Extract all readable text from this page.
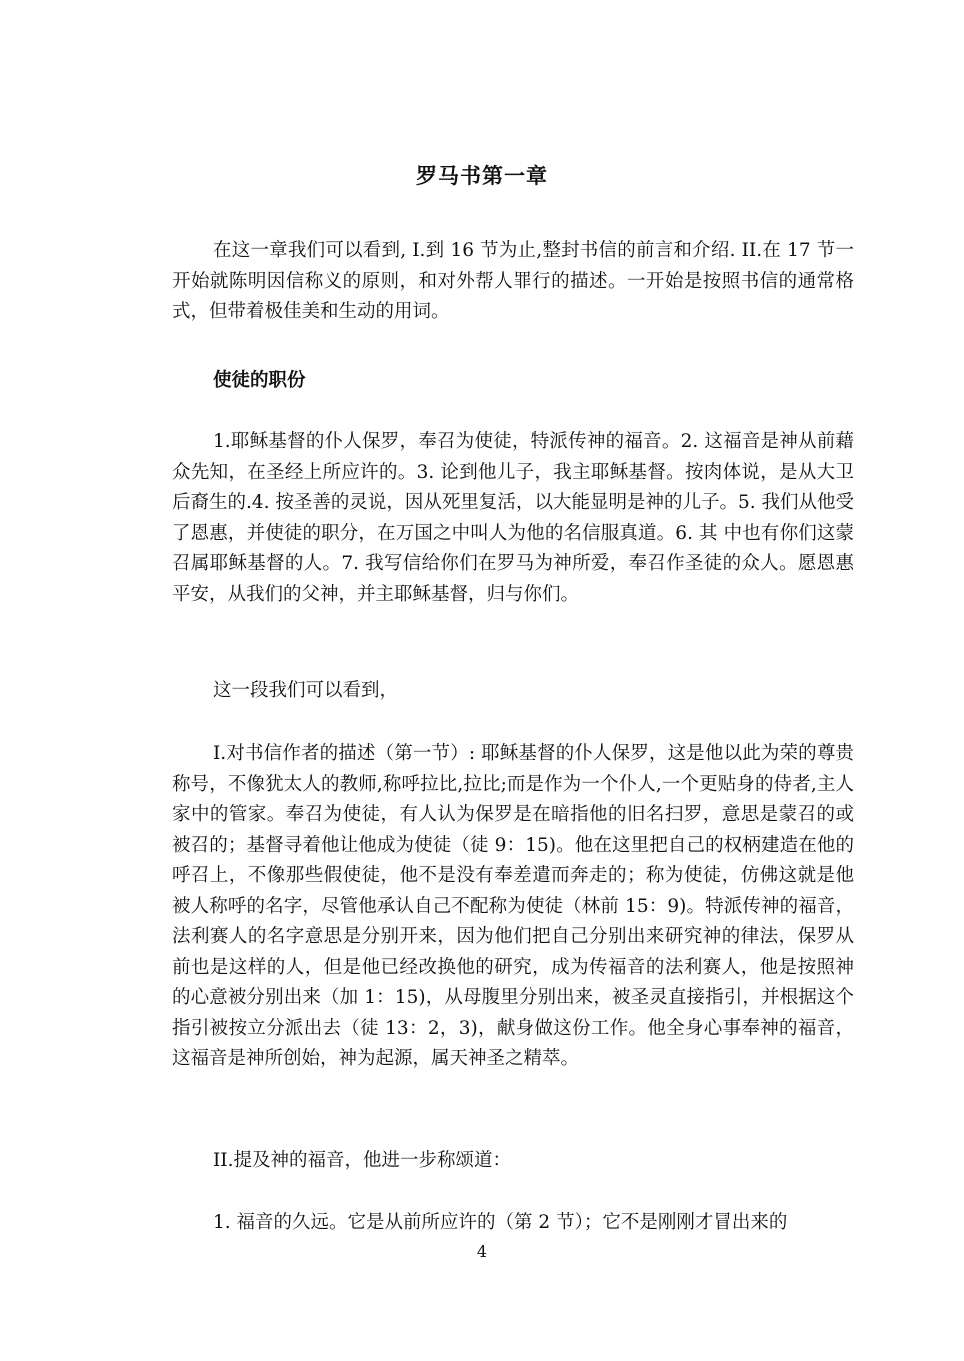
罗马书第一章

在这一章我们可以看到, I.到 16 节为止,整封书信的前言和介绍. II.在 17 节一开始就陈明因信称义的原则，和对外帮人罪行的描述。一开始是按照书信的通常格式，但带着极佳美和生动的用词。

使徒的职份

1.耶稣基督的仆人保罗，奉召为使徒，特派传神的福音。2. 这福音是神从前藉众先知，在圣经上所应许的。3. 论到他儿子，我主耶稣基督。按肉体说，是从大卫后裔生的.4. 按圣善的灵说，因从死里复活，以大能显明是神的儿子。5. 我们从他受了恩惠，并使徒的职分，在万国之中叫人为他的名信服真道。6. 其 中也有你们这蒙召属耶稣基督的人。7. 我写信给你们在罗马为神所爱，奉召作圣徒的众人。愿恩惠平安，从我们的父神，并主耶稣基督，归与你们。

这一段我们可以看到，

I.对书信作者的描述（第一节）: 耶稣基督的仆人保罗，这是他以此为荣的尊贵称号，不像犹太人的教师,称呼拉比,拉比;而是作为一个仆人,一个更贴身的侍者,主人家中的管家。奉召为使徒，有人认为保罗是在暗指他的旧名扫罗，意思是蒙召的或被召的；基督寻着他让他成为使徒（徒 9：15)。他在这里把自己的权柄建造在他的呼召上，不像那些假使徒，他不是没有奉差遣而奔走的；称为使徒，仿佛这就是他被人称呼的名字，尽管他承认自己不配称为使徒（林前 15：9)。特派传神的福音， 法利赛人的名字意思是分别开来，因为他们把自己分别出来研究神的律法，保罗从前也是这样的人，但是他已经改换他的研究，成为传福音的法利赛人，他是按照神的心意被分别出来（加 1：15)，从母腹里分别出来，被圣灵直接指引，并根据这个指引被按立分派出去（徒 13：2，3)，献身做这份工作。他全身心事奉神的福音，这福音是神所创始，神为起源，属天神圣之精萃。

II.提及神的福音，他进一步称颂道：

1. 福音的久远。它是从前所应许的（第 2 节）；它不是刚刚才冒出来的

4
